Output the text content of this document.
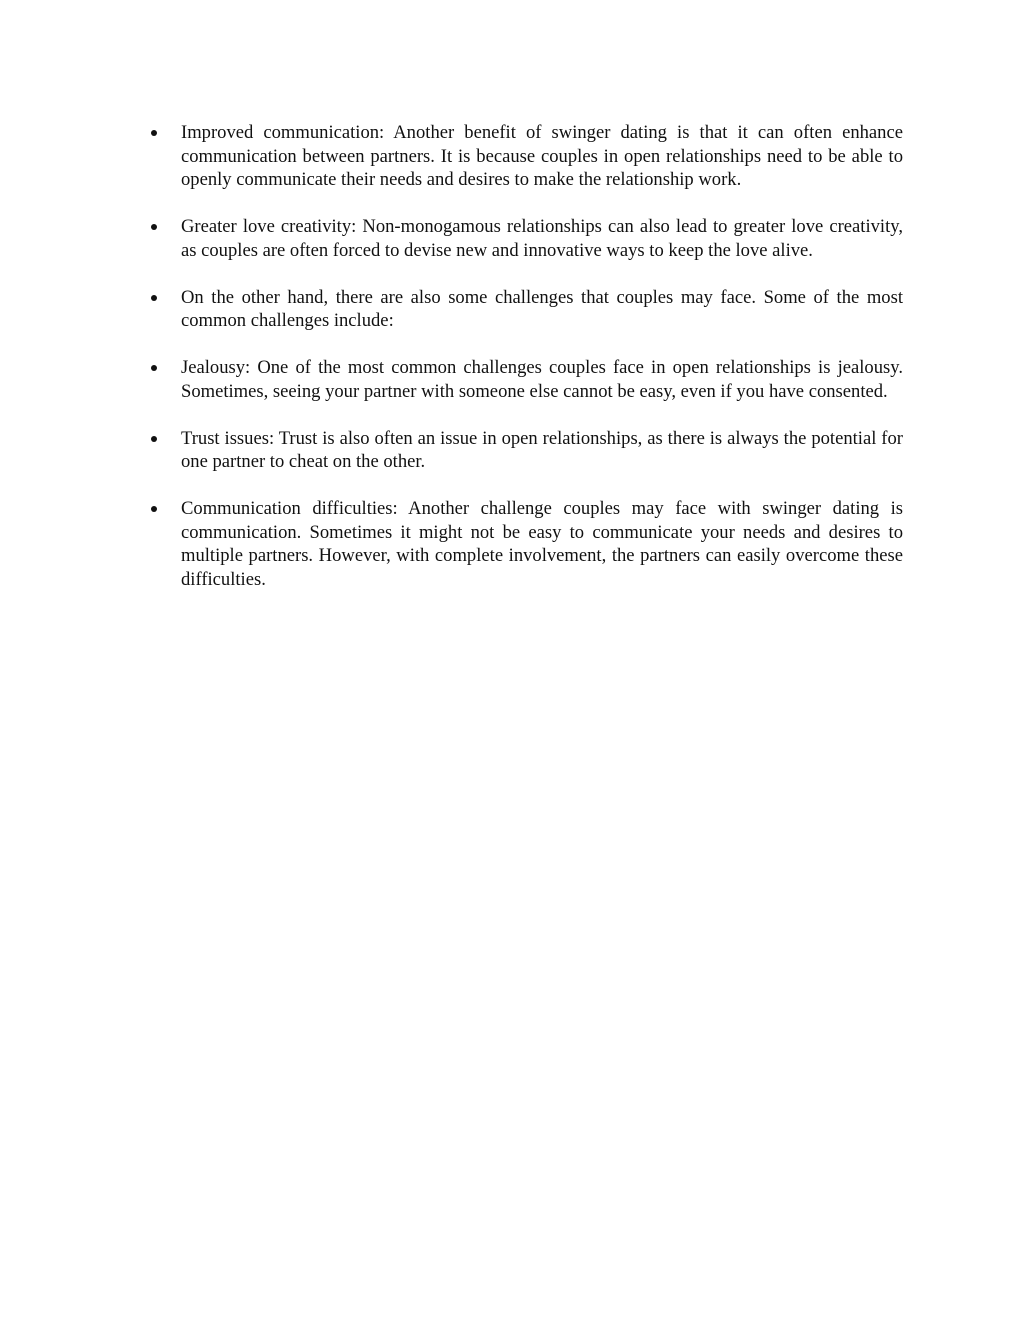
Improved communication: Another benefit of swinger dating is that it can often enhance communication between partners. It is because couples in open relationships need to be able to openly communicate their needs and desires to make the relationship work.
Greater love creativity: Non-monogamous relationships can also lead to greater love creativity, as couples are often forced to devise new and innovative ways to keep the love alive.
On the other hand, there are also some challenges that couples may face. Some of the most common challenges include:
Jealousy: One of the most common challenges couples face in open relationships is jealousy. Sometimes, seeing your partner with someone else cannot be easy, even if you have consented.
Trust issues: Trust is also often an issue in open relationships, as there is always the potential for one partner to cheat on the other.
Communication difficulties: Another challenge couples may face with swinger dating is communication. Sometimes it might not be easy to communicate your needs and desires to multiple partners. However, with complete involvement, the partners can easily overcome these difficulties.
